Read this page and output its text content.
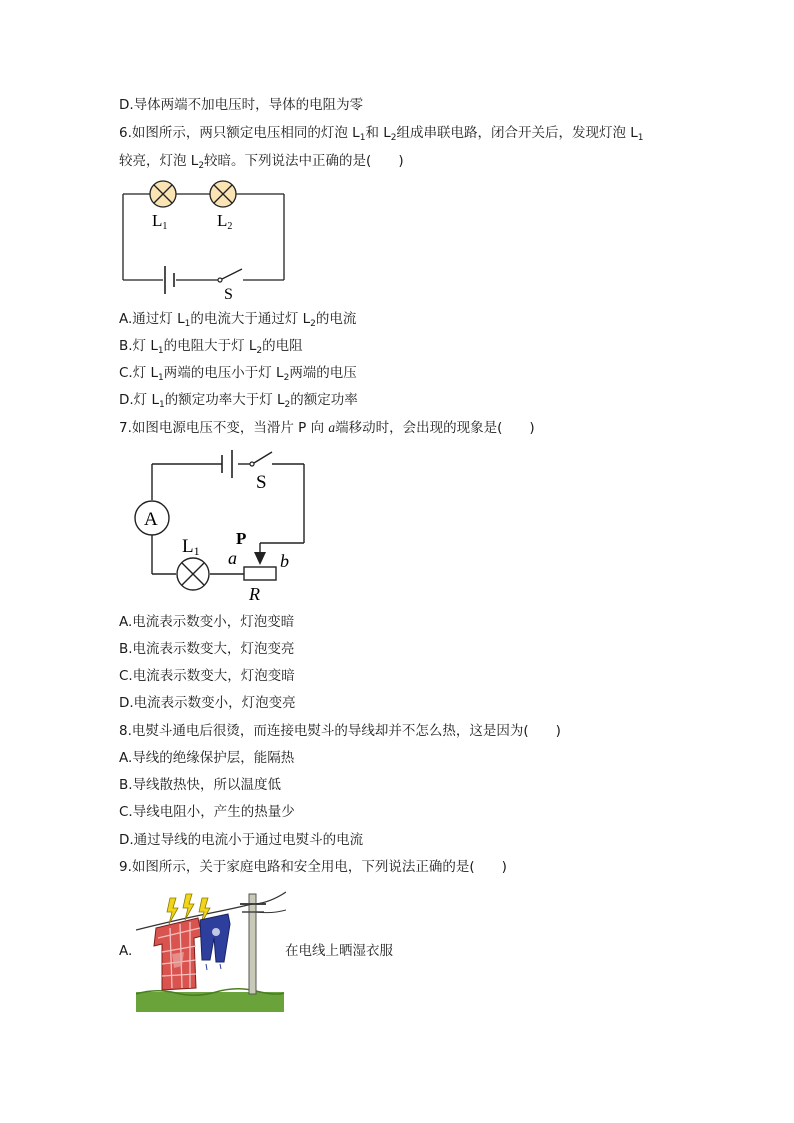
D.导体两端不加电压时，导体的电阻为零
6.如图所示，两只额定电压相同的灯泡 $L_1$和 $L_2$组成串联电路，闭合开关后，发现灯泡 $L_1$
较亮，灯泡 $L_2$较暗。下列说法中正确的是(　　)
L1	L2
S
A.通过灯 $L_1$的电流大于通过灯 $L_2$的电流
B.灯 $L_1$的电阻大于灯 $L_2$的电阻
C.灯 $L_1$两端的电压小于灯 $L_2$两端的电压
D.灯 $L_1$的额定功率大于灯 $L_2$的额定功率
7.如图电源电压不变，当滑片 P 向 a端移动时，会出现的现象是(　　)
S
A
L1
P
a b
R
A.电流表示数变小，灯泡变暗
B.电流表示数变大，灯泡变亮
C.电流表示数变大，灯泡变暗
D.电流表示数变小，灯泡变亮
8.电熨斗通电后很烫，而连接电熨斗的导线却并不怎么热，这是因为(　　)
A.导线的绝缘保护层，能隔热
B.导线散热快，所以温度低
C.导线电阻小，产生的热量少
D.通过导线的电流小于通过电熨斗的电流
9.如图所示，关于家庭电路和安全用电，下列说法正确的是(　　)
A.	在电线上晒湿衣服
